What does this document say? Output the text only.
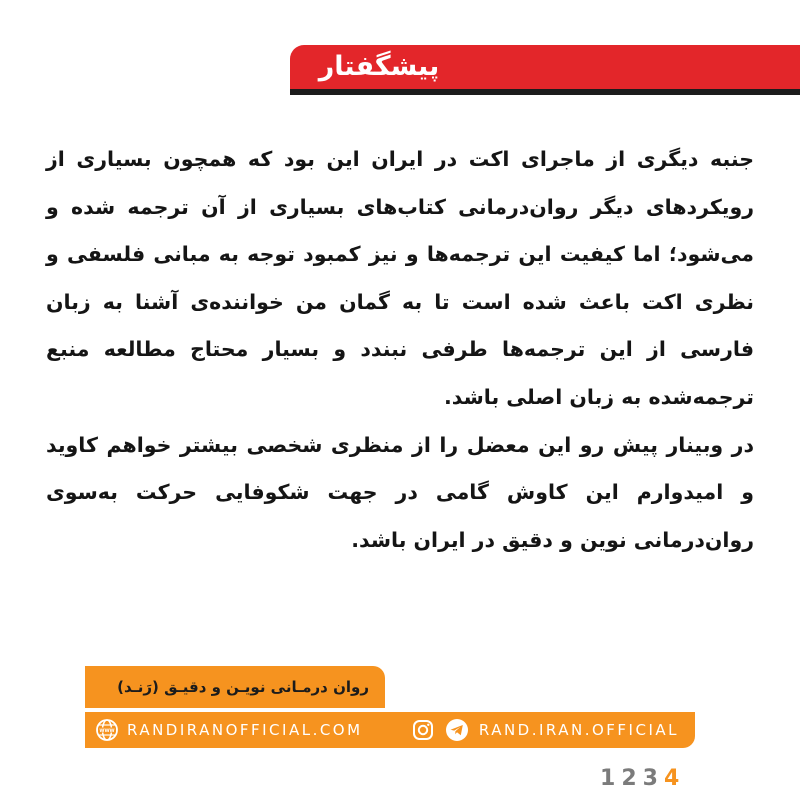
پیشگفتار

جنبه دیگری از ماجرای اکت در ایران این بود که همچون بسیاری از رویکردهای دیگر روان‌درمانی کتاب‌های بسیاری از آن ترجمه شده و می‌شود؛ اما کیفیت این ترجمه‌ها و نیز کمبود توجه به مبانی فلسفی و نظری اکت باعث شده است تا به گمان من خواننده‌ی آشنا به زبان فارسی از این ترجمه‌ها طرفی نبندد و بسیار محتاج مطالعه منبع ترجمه‌شده به زبان اصلی باشد.

در وبینار پیش رو این معضل را از منظری شخصی بیشتر خواهم کاوید و امیدوارم این کاوش گامی در جهت شکوفایی حرکت به‌سوی روان‌درمانی نوین و دقیق در ایران باشد.

روان درمـانی نویـن و دقیـق (رَنـد)
WWW RANDIRANOFFICIAL.COM	RAND.IRAN.OFFICIAL
1 2 3 4
